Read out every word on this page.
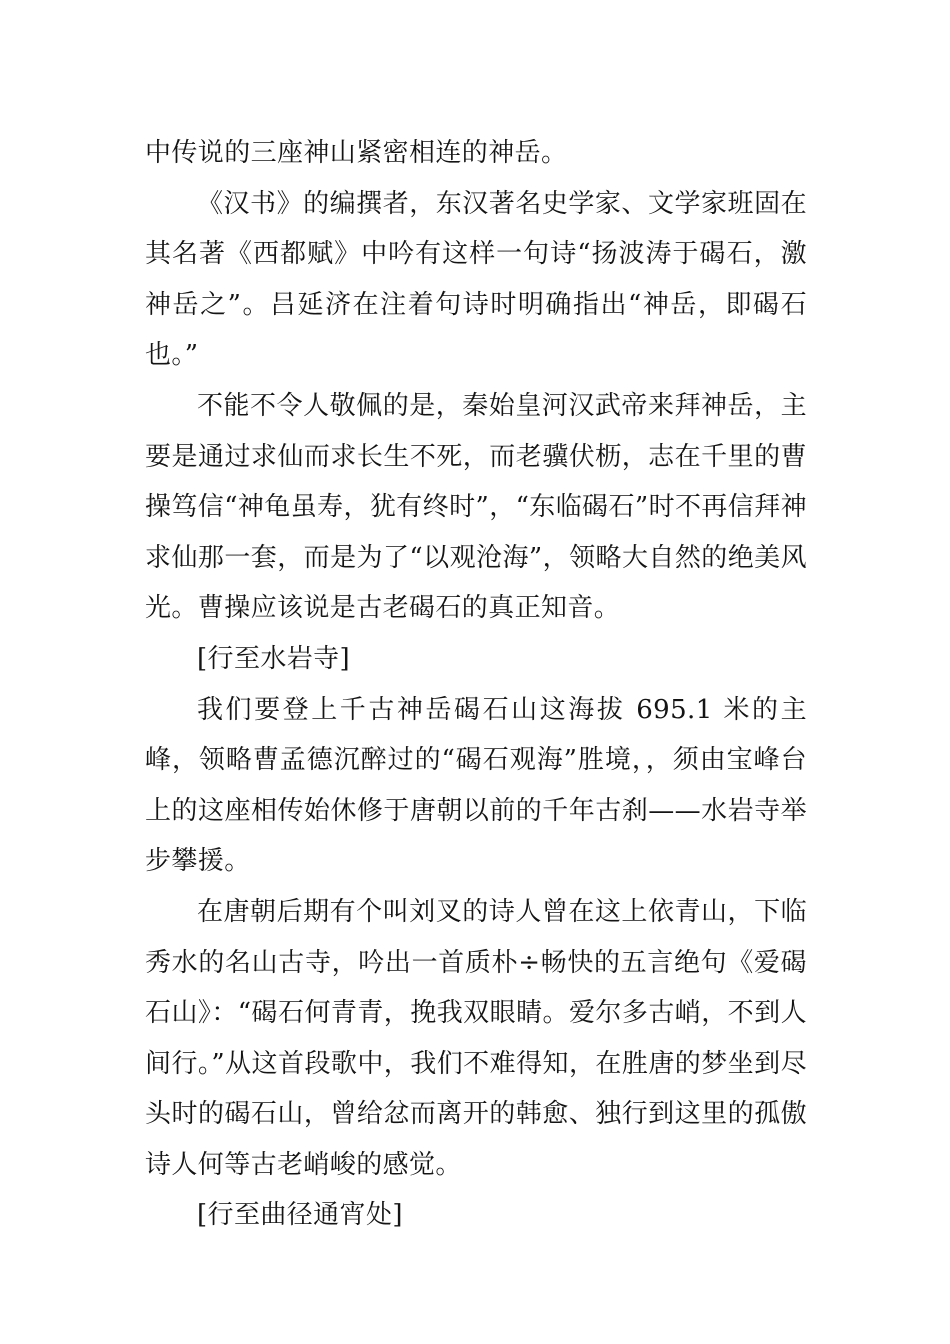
中传说的三座神山紧密相连的神岳。

《汉书》的编撰者，东汉著名史学家、文学家班固在其名著《西都赋》中吟有这样一句诗“扬波涛于碣石，激神岳之”。吕延济在注着句诗时明确指出“神岳，即碣石也。”

不能不令人敬佩的是，秦始皇河汉武帝来拜神岳，主要是通过求仙而求长生不死，而老骥伏枥，志在千里的曹操笃信“神龟虽寿，犹有终时”，“东临碣石”时不再信拜神求仙那一套，而是为了“以观沧海”，领略大自然的绝美风光。曹操应该说是古老碣石的真正知音。

[行至水岩寺]

我们要登上千古神岳碣石山这海拔 695.1 米的主峰，领略曹孟德沉醉过的“碣石观海”胜境，，须由宝峰台上的这座相传始休修于唐朝以前的千年古刹——水岩寺举步攀援。

在唐朝后期有个叫刘叉的诗人曾在这上依青山，下临秀水的名山古寺，吟出一首质朴÷畅快的五言绝句《爱碣石山》：“碣石何青青，挽我双眼睛。爱尔多古峭，不到人间行。”从这首段歌中，我们不难得知，在胜唐的梦坐到尽头时的碣石山，曾给忿而离开的韩愈、独行到这里的孤傲诗人何等古老峭峻的感觉。

[行至曲径通宵处]
